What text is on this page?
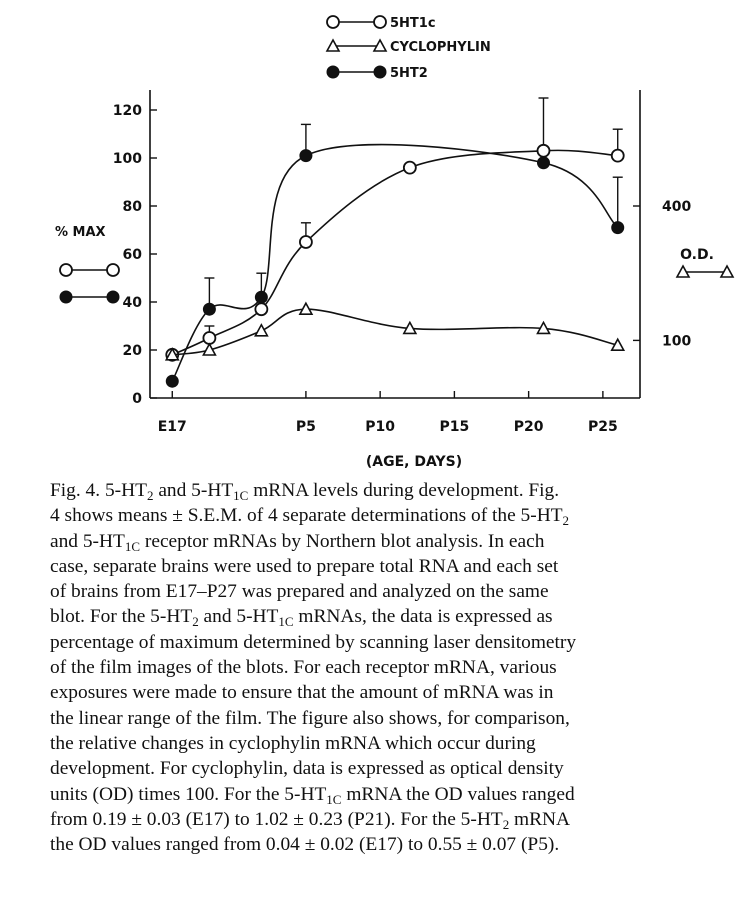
0
20
40
60
80
100
120
400
100
E17	P5	P10	P15	P20	P25
5HT1c
CYCLOPHYLIN
5HT2
(AGE, DAYS)
% MAX
O.D.
Fig. 4. $5-HT_2$ and $5-HT_{1C}$ mRNA levels during development. Fig.
4 shows means ± S.E.M. of 4 separate determinations of the $5-HT_2$
and $5-HT_{1C}$ receptor mRNAs by Northern blot analysis. In each
case, separate brains were used to prepare total RNA and each set
of brains from E17–P27 was prepared and analyzed on the same
blot. For the $5-HT_2$ and $5-HT_{1C}$ mRNAs, the data is expressed as
percentage of maximum determined by scanning laser densitometry
of the film images of the blots. For each receptor mRNA, various
exposures were made to ensure that the amount of mRNA was in
the linear range of the film. The figure also shows, for comparison,
the relative changes in cyclophylin mRNA which occur during
development. For cyclophylin, data is expressed as optical density
units (OD) times 100. For the $5-HT_{1C}$ mRNA the OD values ranged
from 0.19 ± 0.03 (E17) to 1.02 ± 0.23 (P21). For the $5-HT_2$ mRNA
the OD values ranged from 0.04 ± 0.02 (E17) to 0.55 ± 0.07 (P5).
